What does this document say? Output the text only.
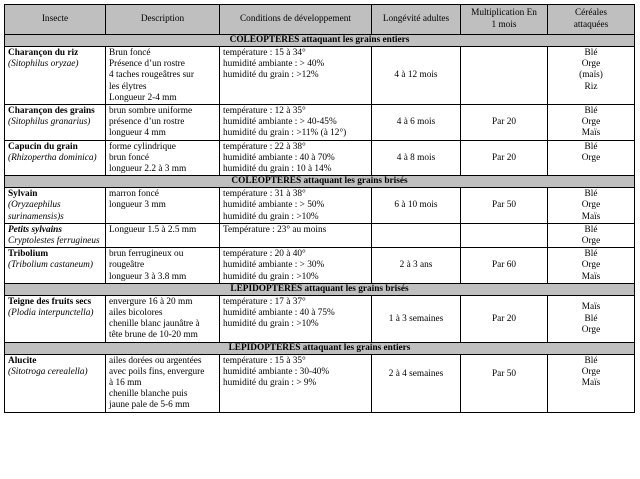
Insecte	Description	Conditions de développement	Longévité adultes	Multiplication En 1 mois	Céréales attaquées
COLEOPTERES attaquant les grains entiers					

Charançon du riz
(Sitophilus oryzae)	Brun foncé
Présence d’un rostre
4 taches rougeâtres sur
les élytres
Longueur 2-4 mm	température : 15 à 34°
humidité ambiante : > 40%
humidité du grain : >12%	4 à 12 mois		Blé
Orge
(maïs)
Riz

Charançon des grains
(Sitophilus granarius)	brun sombre uniforme
présence d’un rostre
longueur 4 mm	température : 12 à 35°
humidité ambiante : > 40-45%
humidité du grain : >11% (à 12°)	4 à 6 mois	Par 20	Blé
Orge
Maïs

Capucin du grain
(Rhizopertha dominica)	forme cylindrique
brun foncé
longueur 2.2 à 3 mm	température : 22 à 38°
humidité ambiante : 40 à 70%
humidité du grain : 10 à 14%	4 à 8 mois	Par 20	Blé
Orge

COLEOPTERES attaquant les grains brisés					

Sylvain
(Oryzaephilus surinamensis)s	marron foncé
longueur 3 mm	température : 31 à 38°
humidité ambiante : > 50%
humidité du grain : >10%	6 à 10 mois	Par 50	Blé
Orge
Maïs

Petits sylvains
Cryptolestes ferrugineus	Longueur 1.5 à 2.5 mm	Température : 23° au moins			Blé
Orge

Tribolium
(Tribolium castaneum)	brun ferrugineux ou
rougeâtre
longueur 3 à 3.8 mm	température : 20 à 40°
humidité ambiante : > 30%
humidité du grain : >10%	2 à 3 ans	Par 60	Blé
Orge
Maïs

LEPIDOPTERES attaquant les grains brisés					

Teigne des fruits secs
(Plodia interpunctella)	envergure 16 à 20 mm
ailes bicolores
chenille blanc jaunâtre à
tête brune de 10-20 mm	température : 17 à 37°
humidité ambiante : 40 à 75%
humidité du grain : >10%	1 à 3 semaines	Par 20	Maïs
Blé
Orge

LEPIDOPTERES attaquant les grains entiers					

Alucite
(Sitotroga cerealella)	ailes dorées ou argentées
avec poils fins, envergure
à 16 mm
chenille blanche puis
jaune pale de 5-6 mm	température : 15 à 35°
humidité ambiante : 30-40%
humidité du grain : > 9%	2 à 4 semaines	Par 50	Blé
Orge
Maïs
